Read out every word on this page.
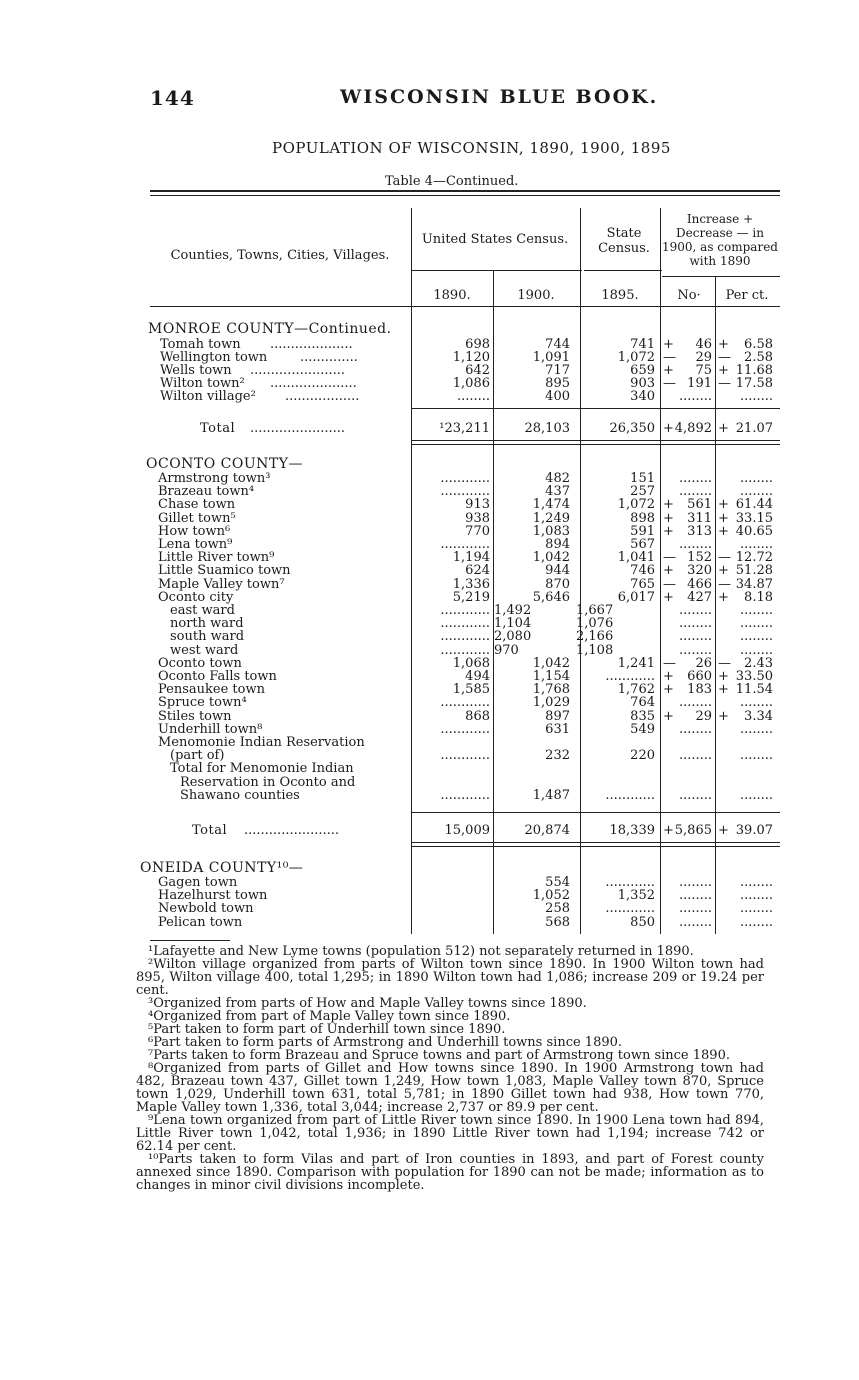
144	WISCONSIN BLUE BOOK.
POPULATION OF WISCONSIN, 1890, 1900, 1895
Table 4—Continued.
Counties, Towns, Cities, Villages.
United States Census.	State Census.
Increase + Decrease — in 1900, as compared with 1890
1890.	1900.	1895.	No·	Per ct.
MONROE COUNTY—Continued.
Tomah town ....................	698	744	741 +	46 +	6.58
Wellington town	..............	1,120	1,091	1,072 —	29 —	2.58
Wells town .......................	642	717	659 +	75 + 11.68
Wilton town² .....................	1,086	895	903 — 191 — 17.58
Wilton village² ..................	........	400	340	........	........
Total .......................	¹23,211	28,103	26,350 + 4,892 + 21.07
OCONTO COUNTY—
Armstrong town³	............	482	151	........	........
Brazeau town⁴	............	437	257	........	........
Chase town	913	1,474	1,072 +	561 + 61.44
Gillet town⁵	938	1,249	898 +	311 + 33.15
How town⁶	770	1,083	591 +	313 + 40.65
Lena town⁹	............	894	567	........	........
Little River town⁹	1,194	1,042	1,041 — 152 — 12.72
Little Suamico town	624	944	746 +	320 + 51.28
Maple Valley town⁷	1,336	870	765 — 466 — 34.87
Oconto city	5,219	5,646	6,017 +	427 +	8.18
east ward	............ 1,492	1,667	........	........
north ward	............ 1,104	1,076	........	........
south ward	............ 2,080	2,166	........	........
west ward	............ 970	1,108	........	........
Oconto town	1,068	1,042	1,241 —	26 —	2.43
Oconto Falls town	494	1,154	............ +	660 + 33.50
Pensaukee town	1,585	1,768	1,762 +	183 + 11.54
Spruce town⁴	............	1,029	764	........	........
Stiles town	868	897	835 +	29 +	3.34
Underhill town⁸	............	631	549	........	........
Menomonie Indian Reservation
(part of)	............	232	220	........	........
Total for Menomonie Indian
Reservation in Oconto and
Shawano counties	............	1,487	............	........	........
Total .......................	15,009	20,874	18,339 + 5,865 + 39.07
ONEIDA COUNTY¹⁰—
Gagen town	554	............	........	........
Hazelhurst town	1,052	1,352	........	........
Newbold town	258	............	........	........
Pelican town	568	850	........	........

¹Lafayette and New Lyme towns (population 512) not separately returned in 1890.

²Wilton village organized from parts of Wilton town since 1890. In 1900 Wilton town had 895, Wilton village 400, total 1,295; in 1890 Wilton town had 1,086; increase 209 or 19.24 per cent.

³Organized from parts of How and Maple Valley towns since 1890.

⁴Organized from part of Maple Valley town since 1890.

⁵Part taken to form part of Underhill town since 1890.

⁶Part taken to form parts of Armstrong and Underhill towns since 1890.

⁷Parts taken to form Brazeau and Spruce towns and part of Armstrong town since 1890.

⁸Organized from parts of Gillet and How towns since 1890. In 1900 Armstrong town had 482, Brazeau town 437, Gillet town 1,249, How town 1,083, Maple Valley town 870, Spruce town 1,029, Underhill town 631, total 5,781; in 1890 Gillet town had 938, How town 770, Maple Valley town 1,336, total 3,044; increase 2,737 or 89.9 per cent.

⁹Lena town organized from part of Little River town since 1890. In 1900 Lena town had 894, Little River town 1,042, total 1,936; in 1890 Little River town had 1,194; increase 742 or 62.14 per cent.

¹⁰Parts taken to form Vilas and part of Iron counties in 1893, and part of Forest county annexed since 1890. Comparison with population for 1890 can not be made; information as to changes in minor civil divisions incomplete.
